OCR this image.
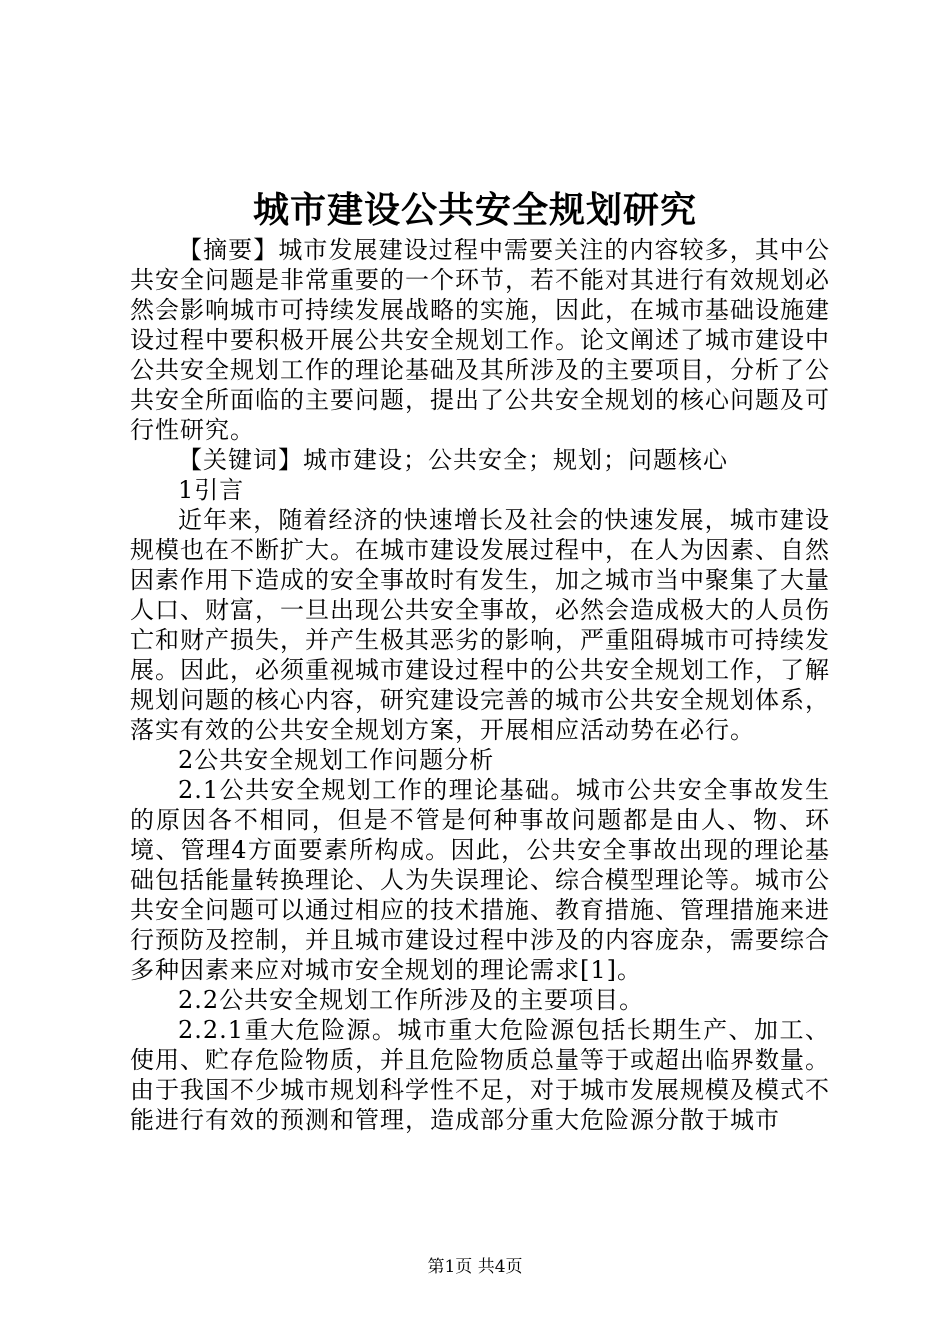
城市建设公共安全规划研究

【摘要】城市发展建设过程中需要关注的内容较多，其中公共安全问题是非常重要的一个环节，若不能对其进行有效规划必然会影响城市可持续发展战略的实施，因此，在城市基础设施建设过程中要积极开展公共安全规划工作。论文阐述了城市建设中公共安全规划工作的理论基础及其所涉及的主要项目，分析了公共安全所面临的主要问题，提出了公共安全规划的核心问题及可行性研究。

【关键词】城市建设；公共安全；规划；问题核心

1引言

近年来，随着经济的快速增长及社会的快速发展，城市建设规模也在不断扩大。在城市建设发展过程中，在人为因素、自然因素作用下造成的安全事故时有发生，加之城市当中聚集了大量人口、财富，一旦出现公共安全事故，必然会造成极大的人员伤亡和财产损失，并产生极其恶劣的影响，严重阻碍城市可持续发展。因此，必须重视城市建设过程中的公共安全规划工作，了解规划问题的核心内容，研究建设完善的城市公共安全规划体系，落实有效的公共安全规划方案，开展相应活动势在必行。

2公共安全规划工作问题分析

2.1公共安全规划工作的理论基础。城市公共安全事故发生的原因各不相同，但是不管是何种事故问题都是由人、物、环境、管理4方面要素所构成。因此，公共安全事故出现的理论基础包括能量转换理论、人为失误理论、综合模型理论等。城市公共安全问题可以通过相应的技术措施、教育措施、管理措施来进行预防及控制，并且城市建设过程中涉及的内容庞杂，需要综合多种因素来应对城市安全规划的理论需求[1]。

2.2公共安全规划工作所涉及的主要项目。

2.2.1重大危险源。城市重大危险源包括长期生产、加工、使用、贮存危险物质，并且危险物质总量等于或超出临界数量。由于我国不少城市规划科学性不足，对于城市发展规模及模式不能进行有效的预测和管理，造成部分重大危险源分散于城市

第1页 共4页
